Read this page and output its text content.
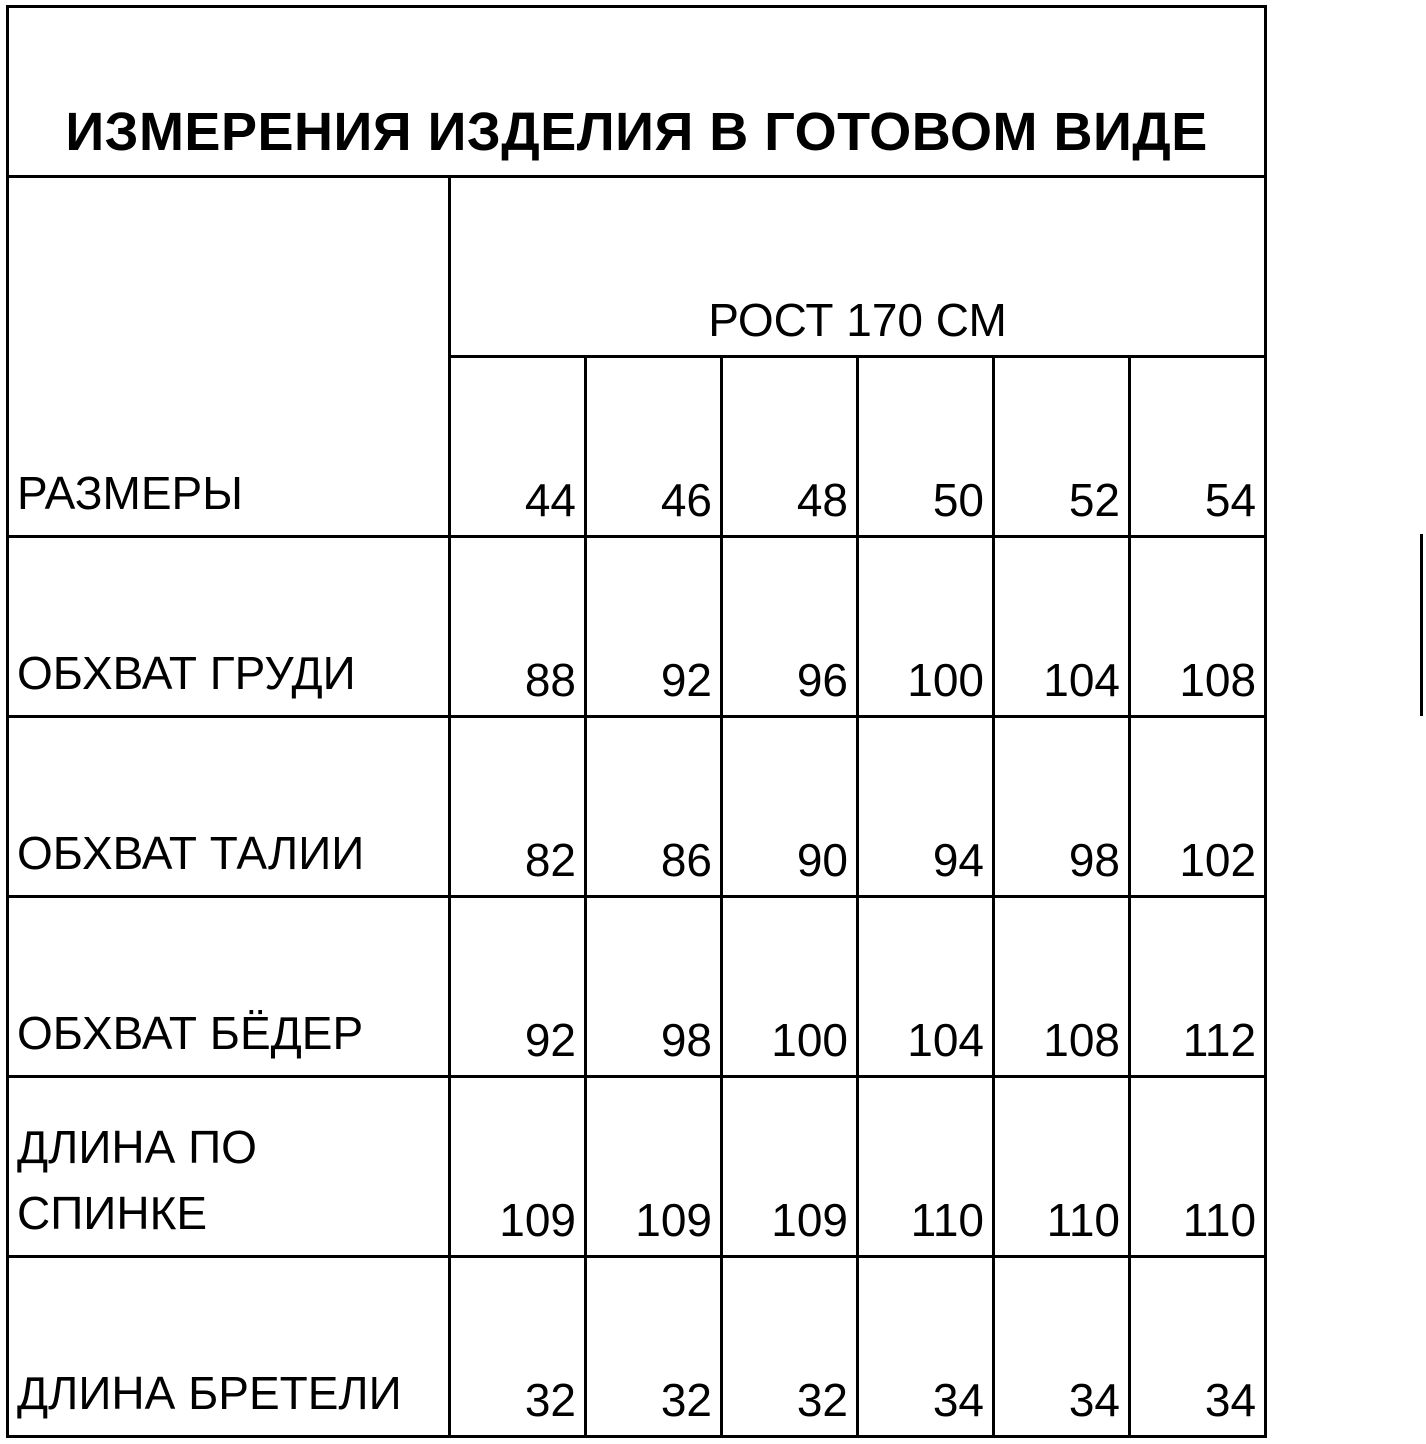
ИЗМЕРЕНИЯ ИЗДЕЛИЯ В ГОТОВОМ ВИДЕ						
РАЗМЕРЫ	РОСТ 170 СМ					
	44	46	48	50	52	54
ОБХВАТ ГРУДИ	88	92	96	100	104	108
ОБХВАТ ТАЛИИ	82	86	90	94	98	102
ОБХВАТ БЁДЕР	92	98	100	104	108	112

ДЛИНА ПО
СПИНКЕ	109	109	109	110	110	110
ДЛИНА БРЕТЕЛИ	32	32	32	34	34	34
